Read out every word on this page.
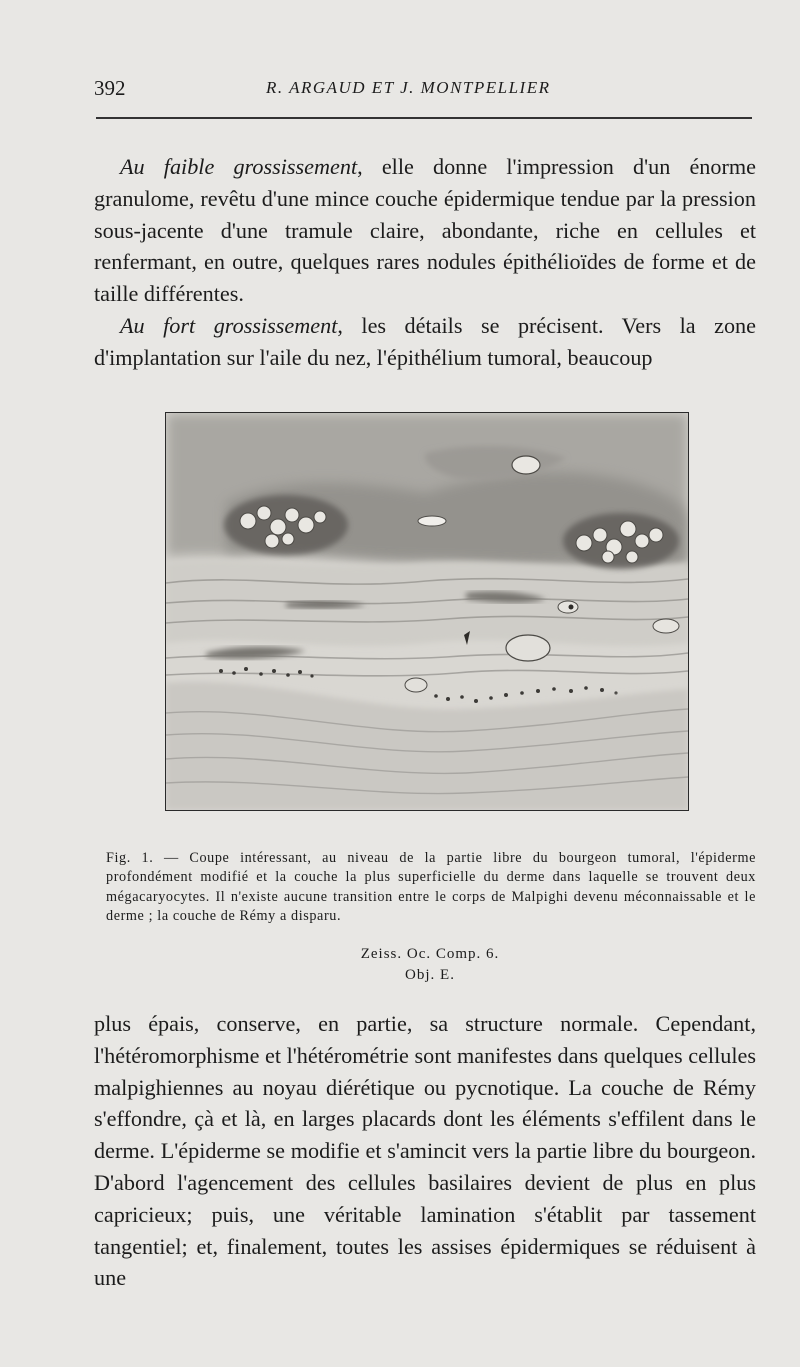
392	R. ARGAUD ET J. MONTPELLIER

Au faible grossissement, elle donne l'impression d'un énorme granulome, revêtu d'une mince couche épidermique tendue par la pression sous-jacente d'une tramule claire, abondante, riche en cellules et renfermant, en outre, quelques rares nodules épithélioïdes de forme et de taille différentes.

Au fort grossissement, les détails se précisent. Vers la zone d'implantation sur l'aile du nez, l'épithélium tumoral, beaucoup

Fig. 1. — Coupe intéressant, au niveau de la partie libre du bourgeon tumoral, l'épiderme profondément modifié et la couche la plus superficielle du derme dans laquelle se trouvent deux mégacaryocytes. Il n'existe aucune transition entre le corps de Malpighi devenu méconnaissable et le derme ; la couche de Rémy a disparu.
Zeiss. Oc. Comp. 6.
Obj. E.

plus épais, conserve, en partie, sa structure normale. Cependant, l'hétéromorphisme et l'hétérométrie sont manifestes dans quelques cellules malpighiennes au noyau diérétique ou pycnotique. La couche de Rémy s'effondre, çà et là, en larges placards dont les éléments s'effilent dans le derme. L'épiderme se modifie et s'amincit vers la partie libre du bourgeon. D'abord l'agencement des cellules basilaires devient de plus en plus capricieux; puis, une véritable lamination s'établit par tassement tangentiel; et, finalement, toutes les assises épidermiques se réduisent à une
